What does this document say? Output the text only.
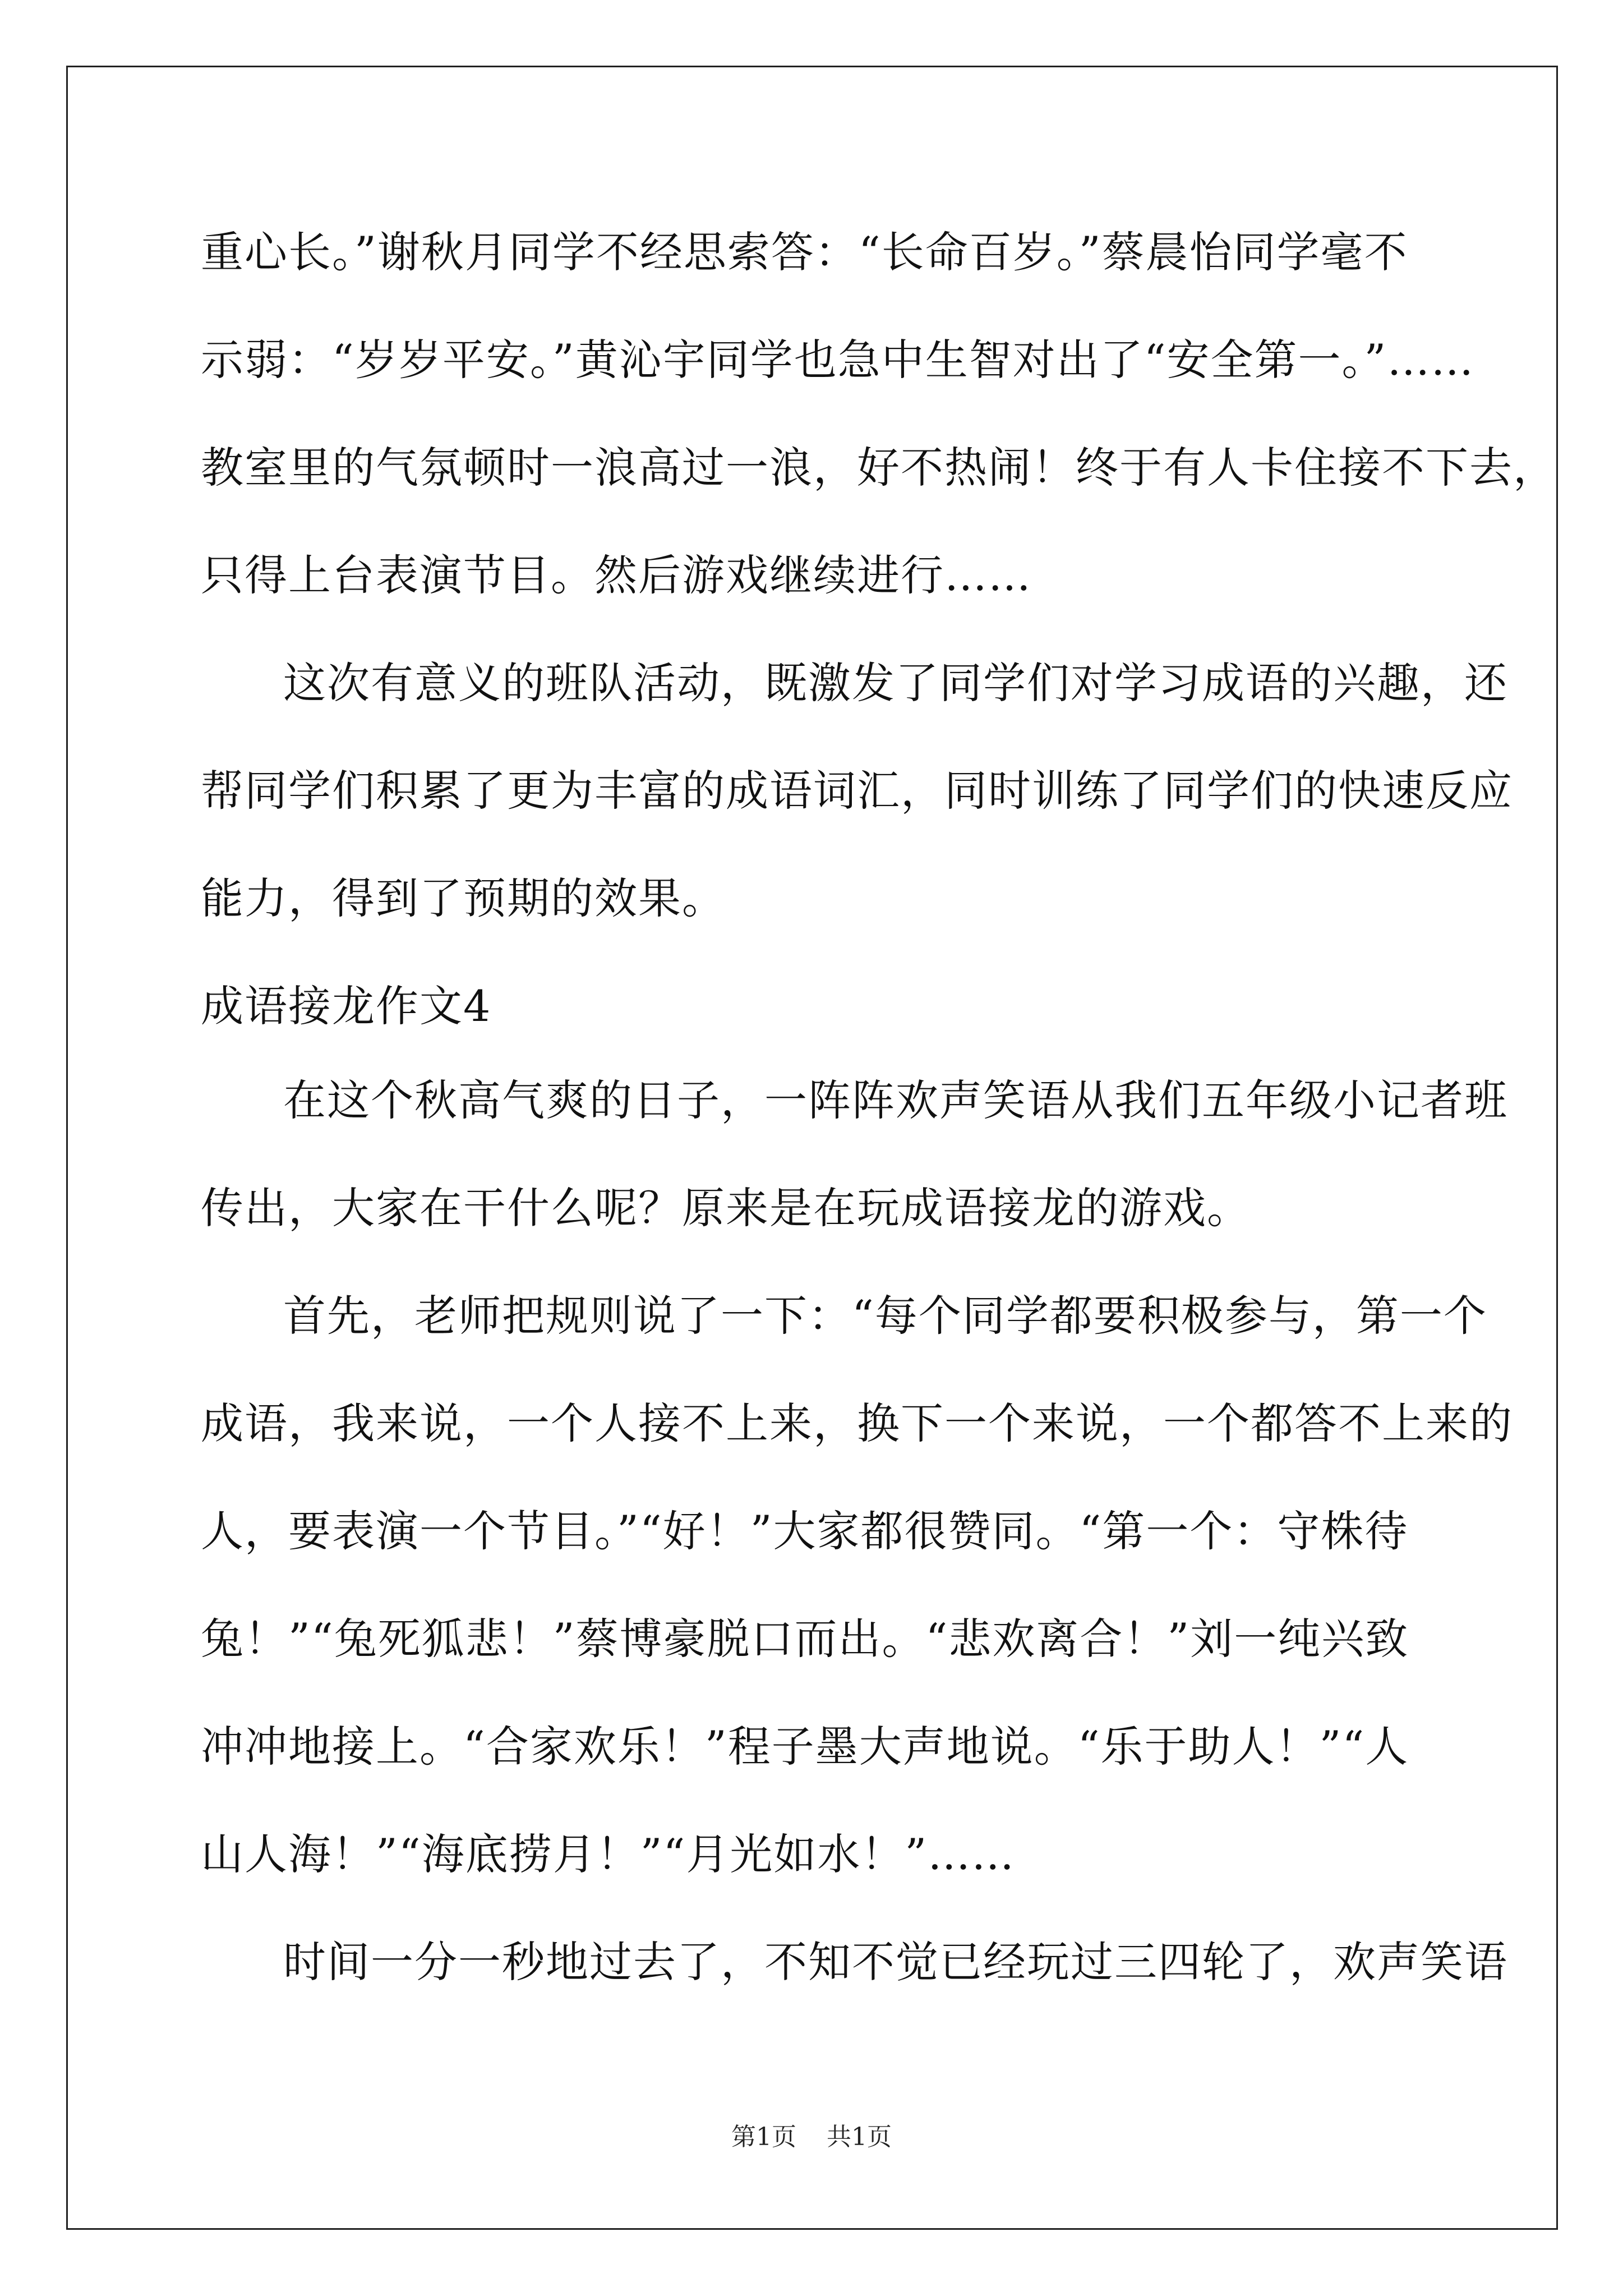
重心长。”谢秋月同学不经思索答：“长命百岁。”蔡晨怡同学毫不
示弱：“岁岁平安。”黄沁宇同学也急中生智对出了“安全第一。”……
教室里的气氛顿时一浪高过一浪，好不热闹！终于有人卡住接不下去，
只得上台表演节目。然后游戏继续进行……
这次有意义的班队活动，既激发了同学们对学习成语的兴趣，还
帮同学们积累了更为丰富的成语词汇，同时训练了同学们的快速反应
能力，得到了预期的效果。
成语接龙作文4
在这个秋高气爽的日子，一阵阵欢声笑语从我们五年级小记者班
传出，大家在干什么呢？原来是在玩成语接龙的游戏。
首先，老师把规则说了一下：“每个同学都要积极参与，第一个
成语，我来说，一个人接不上来，换下一个来说，一个都答不上来的
人，要表演一个节目。”“好！”大家都很赞同。“第一个：守株待
兔！”“兔死狐悲！”蔡博豪脱口而出。“悲欢离合！”刘一纯兴致
冲冲地接上。“合家欢乐！”程子墨大声地说。“乐于助人！”“人
山人海！”“海底捞月！”“月光如水！”……
时间一分一秒地过去了，不知不觉已经玩过三四轮了，欢声笑语
第1页 共1页
